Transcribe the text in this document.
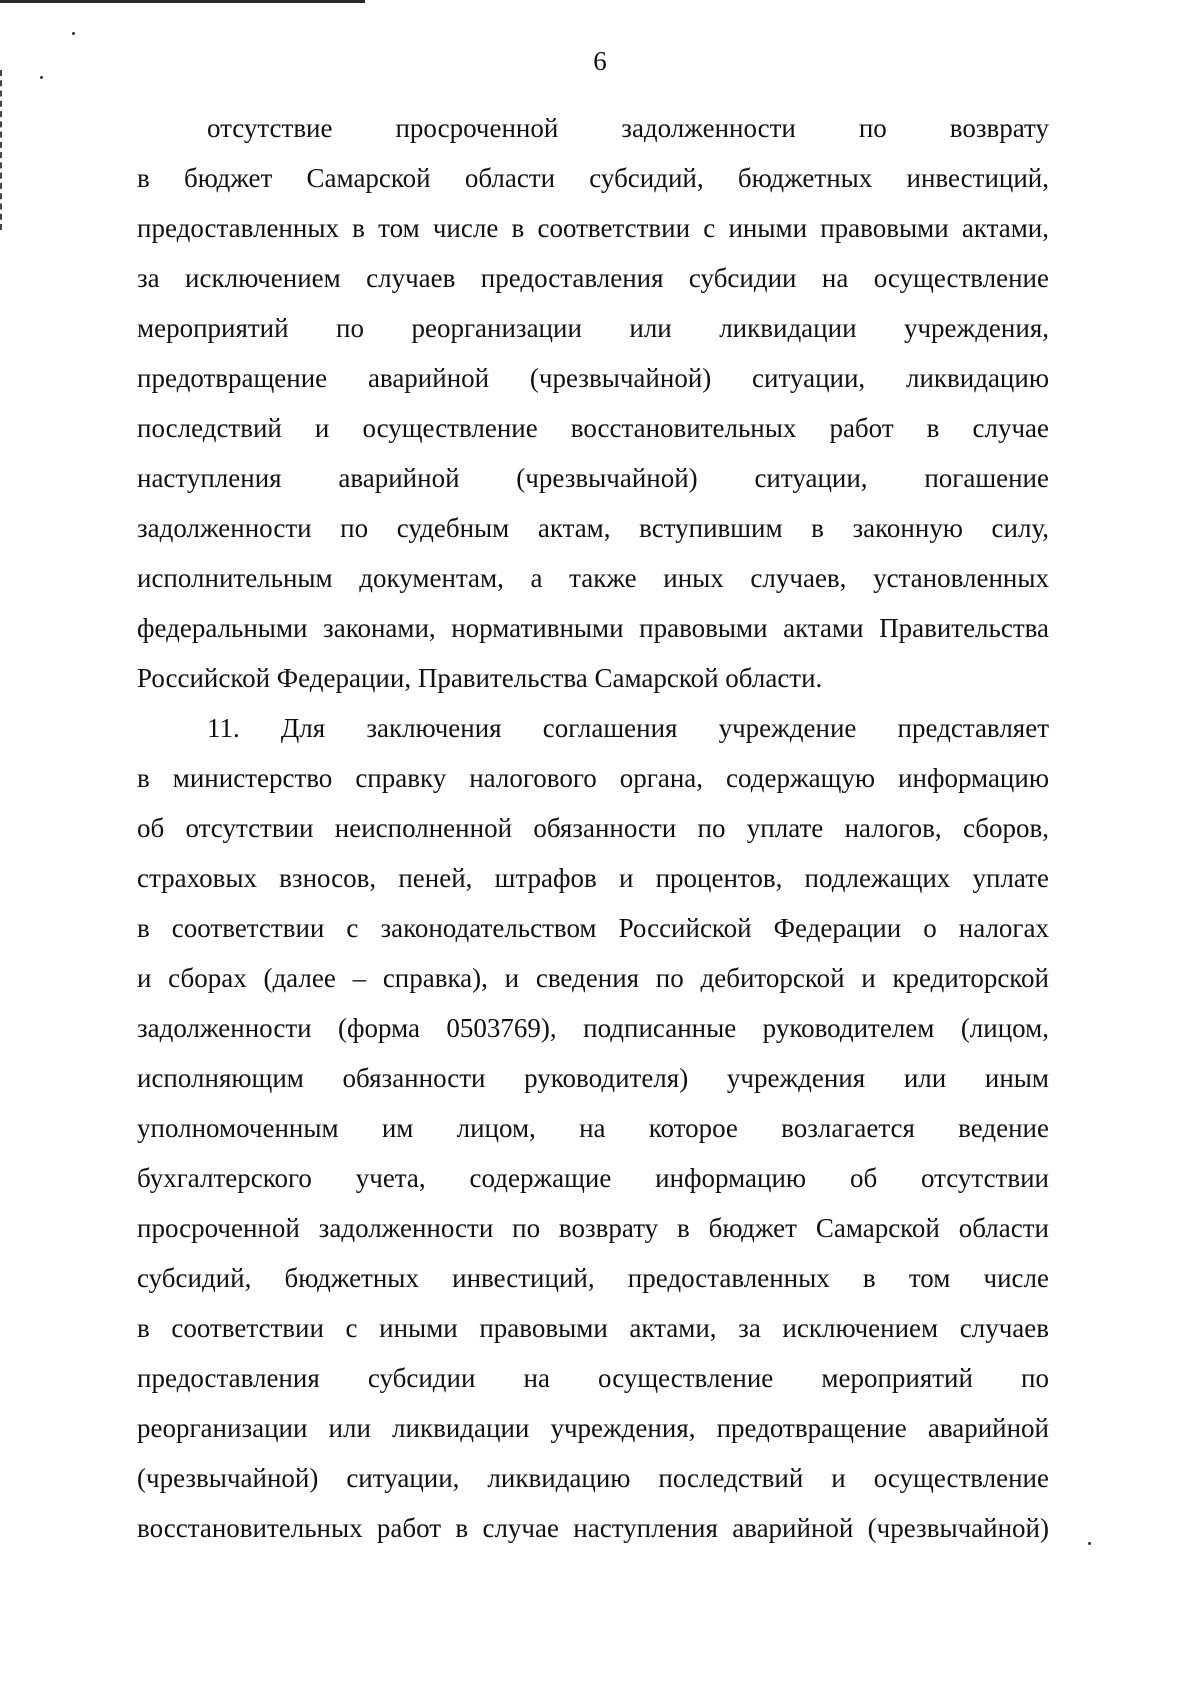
6
отсутствие просроченной задолженности по возврату
в бюджет Самарской области субсидий, бюджетных инвестиций,
предоставленных в том числе в соответствии с иными правовыми актами,
за исключением случаев предоставления субсидии на осуществление
мероприятий по реорганизации или ликвидации учреждения,
предотвращение аварийной (чрезвычайной) ситуации, ликвидацию
последствий и осуществление восстановительных работ в случае
наступления аварийной (чрезвычайной) ситуации, погашение
задолженности по судебным актам, вступившим в законную силу,
исполнительным документам, а также иных случаев, установленных
федеральными законами, нормативными правовыми актами Правительства
Российской Федерации, Правительства Самарской области.
11. Для заключения соглашения учреждение представляет
в министерство справку налогового органа, содержащую информацию
об отсутствии неисполненной обязанности по уплате налогов, сборов,
страховых взносов, пеней, штрафов и процентов, подлежащих уплате
в соответствии с законодательством Российской Федерации о налогах
и сборах (далее – справка), и сведения по дебиторской и кредиторской
задолженности (форма 0503769), подписанные руководителем (лицом,
исполняющим обязанности руководителя) учреждения или иным
уполномоченным им лицом, на которое возлагается ведение
бухгалтерского учета, содержащие информацию об отсутствии
просроченной задолженности по возврату в бюджет Самарской области
субсидий, бюджетных инвестиций, предоставленных в том числе
в соответствии с иными правовыми актами, за исключением случаев
предоставления субсидии на осуществление мероприятий по
реорганизации или ликвидации учреждения, предотвращение аварийной
(чрезвычайной) ситуации, ликвидацию последствий и осуществление
восстановительных работ в случае наступления аварийной (чрезвычайной)
